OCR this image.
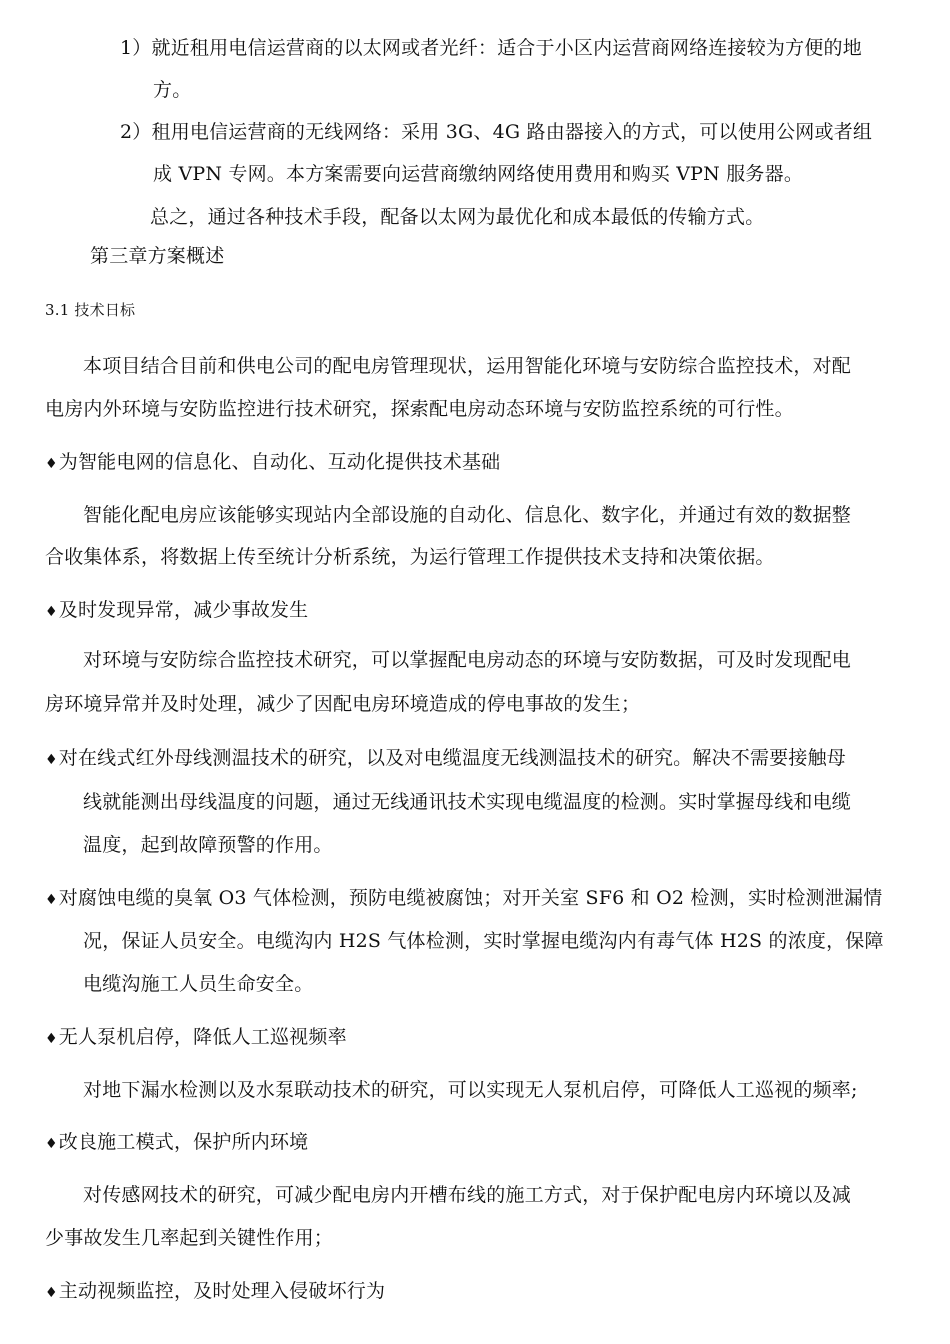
1）就近租用电信运营商的以太网或者光纤：适合于小区内运营商网络连接较为方便的地
方。
2）租用电信运营商的无线网络：采用 3G、4G 路由器接入的方式，可以使用公网或者组
成 VPN 专网。本方案需要向运营商缴纳网络使用费用和购买 VPN 服务器。
总之，通过各种技术手段，配备以太网为最优化和成本最低的传输方式。
第三章方案概述
3.1 技术日标
本项目结合目前和供电公司的配电房管理现状，运用智能化环境与安防综合监控技术，对配
电房内外环境与安防监控进行技术研究，探索配电房动态环境与安防监控系统的可行性。
♦为智能电网的信息化、自动化、互动化提供技术基础
智能化配电房应该能够实现站内全部设施的自动化、信息化、数字化，并通过有效的数据整
合收集体系，将数据上传至统计分析系统，为运行管理工作提供技术支持和决策依据。
♦及时发现异常，减少事故发生
对环境与安防综合监控技术研究，可以掌握配电房动态的环境与安防数据，可及时发现配电
房环境异常并及时处理，减少了因配电房环境造成的停电事故的发生；
♦对在线式红外母线测温技术的研究，以及对电缆温度无线测温技术的研究。解决不需要接触母
线就能测出母线温度的问题，通过无线通讯技术实现电缆温度的检测。实时掌握母线和电缆
温度，起到故障预警的作用。
♦对腐蚀电缆的臭氧 O3 气体检测，预防电缆被腐蚀；对开关室 SF6 和 O2 检测，实时检测泄漏情
况，保证人员安全。电缆沟内 H2S 气体检测，实时掌握电缆沟内有毒气体 H2S 的浓度，保障
电缆沟施工人员生命安全。
♦无人泵机启停，降低人工巡视频率
对地下漏水检测以及水泵联动技术的研究，可以实现无人泵机启停，可降低人工巡视的频率;
♦改良施工模式，保护所内环境
对传感网技术的研究，可减少配电房内开槽布线的施工方式，对于保护配电房内环境以及减
少事故发生几率起到关键性作用；
♦主动视频监控，及时处理入侵破坏行为
